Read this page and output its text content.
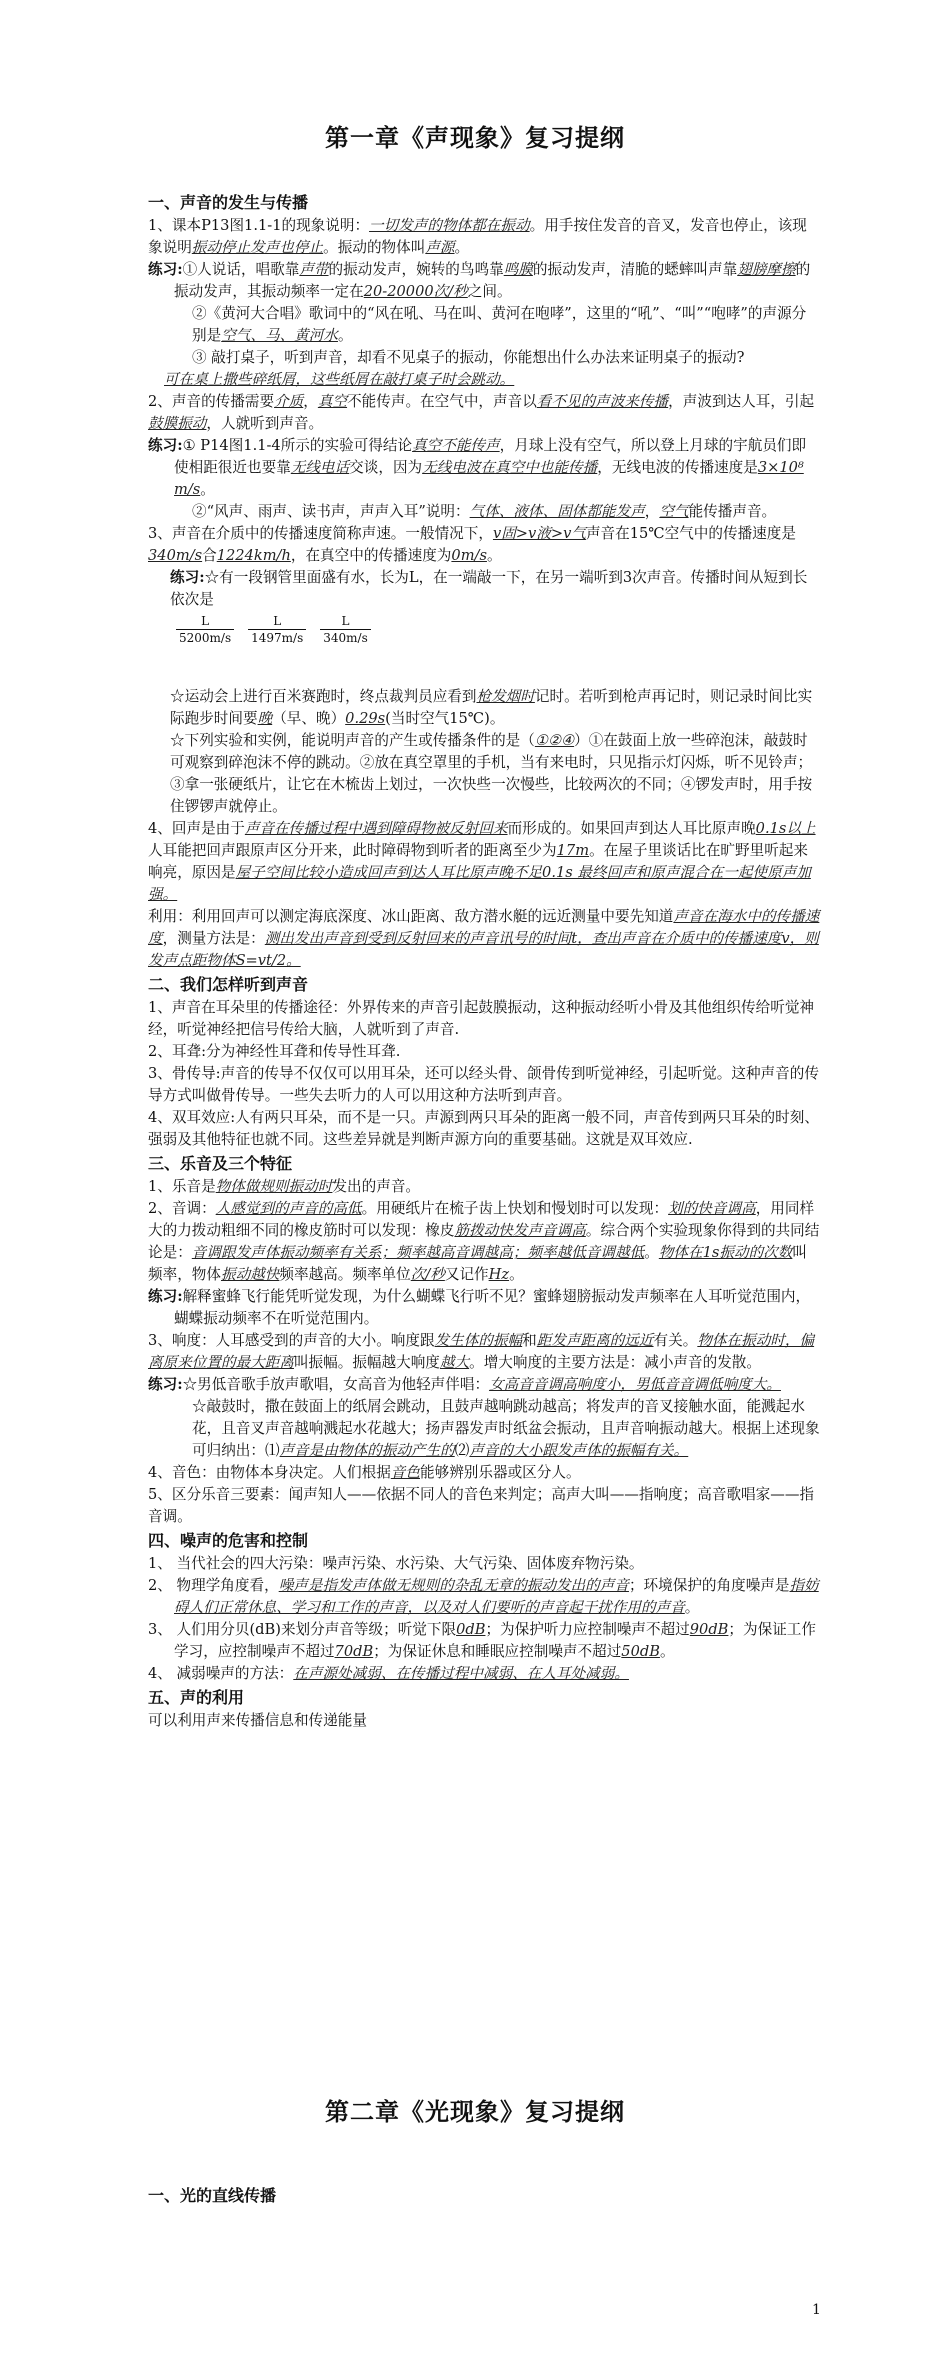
第一章《声现象》复习提纲
一、声音的发生与传播

1、课本P13图1.1-1的现象说明：一切发声的物体都在振动。用手按住发音的音叉，发音也停止，该现象说明振动停止发声也停止。振动的物体叫声源。

练习:①人说话，唱歌靠声带的振动发声，婉转的鸟鸣靠鸣膜的振动发声，清脆的蟋蟀叫声靠翅膀摩擦的振动发声，其振动频率一定在20-20000次/秒之间。

②《黄河大合唱》歌词中的“风在吼、马在叫、黄河在咆哮”，这里的“吼”、“叫”“咆哮”的声源分别是空气、马、黄河水。

③ 敲打桌子，听到声音，却看不见桌子的振动，你能想出什么办法来证明桌子的振动?
可在桌上撒些碎纸屑，这些纸屑在敲打桌子时会跳动。

2、声音的传播需要介质，真空不能传声。在空气中，声音以看不见的声波来传播，声波到达人耳，引起鼓膜振动，人就听到声音。

练习:① P14图1.1-4所示的实验可得结论真空不能传声，月球上没有空气，所以登上月球的宇航员们即使相距很近也要靠无线电话交谈，因为无线电波在真空中也能传播，无线电波的传播速度是3×10⁸ m/s。

②“风声、雨声、读书声，声声入耳”说明：气体、液体、固体都能发声，空气能传播声音。

3、声音在介质中的传播速度简称声速。一般情况下，v固>v液>v气声音在15℃空气中的传播速度是340m/s合1224km/h，在真空中的传播速度为0m/s。

练习:☆有一段钢管里面盛有水，长为L，在一端敲一下，在另一端听到3次声音。传播时间从短到长依次是

$\frac{L}{5200m/s} \frac{L}{1497m/s} \frac{L}{340m/s}$

☆运动会上进行百米赛跑时，终点裁判员应看到枪发烟时记时。若听到枪声再记时，则记录时间比实际跑步时间要晚（早、晚）0.29s(当时空气15℃)。

☆下列实验和实例，能说明声音的产生或传播条件的是（①②④）①在鼓面上放一些碎泡沫，敲鼓时可观察到碎泡沫不停的跳动。②放在真空罩里的手机，当有来电时，只见指示灯闪烁，听不见铃声；③拿一张硬纸片，让它在木梳齿上划过，一次快些一次慢些，比较两次的不同；④锣发声时，用手按住锣锣声就停止。

4、回声是由于声音在传播过程中遇到障碍物被反射回来而形成的。如果回声到达人耳比原声晚0.1s以上人耳能把回声跟原声区分开来，此时障碍物到听者的距离至少为17m。在屋子里谈话比在旷野里听起来响亮，原因是屋子空间比较小造成回声到达人耳比原声晚不足0.1s 最终回声和原声混合在一起使原声加强。

利用：利用回声可以测定海底深度、冰山距离、敌方潜水艇的远近测量中要先知道声音在海水中的传播速度，测量方法是：测出发出声音到受到反射回来的声音讯号的时间t，查出声音在介质中的传播速度v，则发声点距物体S=vt/2。

二、我们怎样听到声音

1、声音在耳朵里的传播途径：外界传来的声音引起鼓膜振动，这种振动经听小骨及其他组织传给听觉神经，听觉神经把信号传给大脑，人就听到了声音.

2、耳聋:分为神经性耳聋和传导性耳聋.

3、骨传导:声音的传导不仅仅可以用耳朵，还可以经头骨、颌骨传到听觉神经，引起听觉。这种声音的传导方式叫做骨传导。一些失去听力的人可以用这种方法听到声音。

4、双耳效应:人有两只耳朵，而不是一只。声源到两只耳朵的距离一般不同，声音传到两只耳朵的时刻、强弱及其他特征也就不同。这些差异就是判断声源方向的重要基础。这就是双耳效应.

三、乐音及三个特征

1、乐音是物体做规则振动时发出的声音。

2、音调：人感觉到的声音的高低。用硬纸片在梳子齿上快划和慢划时可以发现：划的快音调高，用同样大的力拨动粗细不同的橡皮筋时可以发现：橡皮筋拨动快发声音调高。综合两个实验现象你得到的共同结论是：音调跟发声体振动频率有关系；频率越高音调越高；频率越低音调越低。物体在1s振动的次数叫频率，物体振动越快频率越高。频率单位次/秒又记作Hz。

练习:解释蜜蜂飞行能凭听觉发现，为什么蝴蝶飞行听不见？蜜蜂翅膀振动发声频率在人耳听觉范围内，蝴蝶振动频率不在听觉范围内。

3、响度：人耳感受到的声音的大小。响度跟发生体的振幅和距发声距离的远近有关。物体在振动时，偏离原来位置的最大距离叫振幅。振幅越大响度越大。增大响度的主要方法是：减小声音的发散。

练习:☆男低音歌手放声歌唱，女高音为他轻声伴唱：女高音音调高响度小，男低音音调低响度大。

☆敲鼓时，撒在鼓面上的纸屑会跳动，且鼓声越响跳动越高；将发声的音叉接触水面，能溅起水花，且音叉声音越响溅起水花越大；扬声器发声时纸盆会振动，且声音响振动越大。根据上述现象可归纳出：⑴声音是由物体的振动产生的⑵声音的大小跟发声体的振幅有关。

4、音色：由物体本身决定。人们根据音色能够辨别乐器或区分人。

5、区分乐音三要素：闻声知人——依据不同人的音色来判定；高声大叫——指响度；高音歌唱家——指音调。

四、噪声的危害和控制

1、 当代社会的四大污染：噪声污染、水污染、大气污染、固体废弃物污染。

2、 物理学角度看，噪声是指发声体做无规则的杂乱无章的振动发出的声音；环境保护的角度噪声是指妨碍人们正常休息、学习和工作的声音，以及对人们要听的声音起干扰作用的声音。

3、 人们用分贝(dB)来划分声音等级；听觉下限0dB；为保护听力应控制噪声不超过90dB；为保证工作学习，应控制噪声不超过70dB；为保证休息和睡眠应控制噪声不超过50dB。

4、 减弱噪声的方法：在声源处减弱、在传播过程中减弱、在人耳处减弱。

五、声的利用

可以利用声来传播信息和传递能量

第二章《光现象》复习提纲
一、光的直线传播
1
